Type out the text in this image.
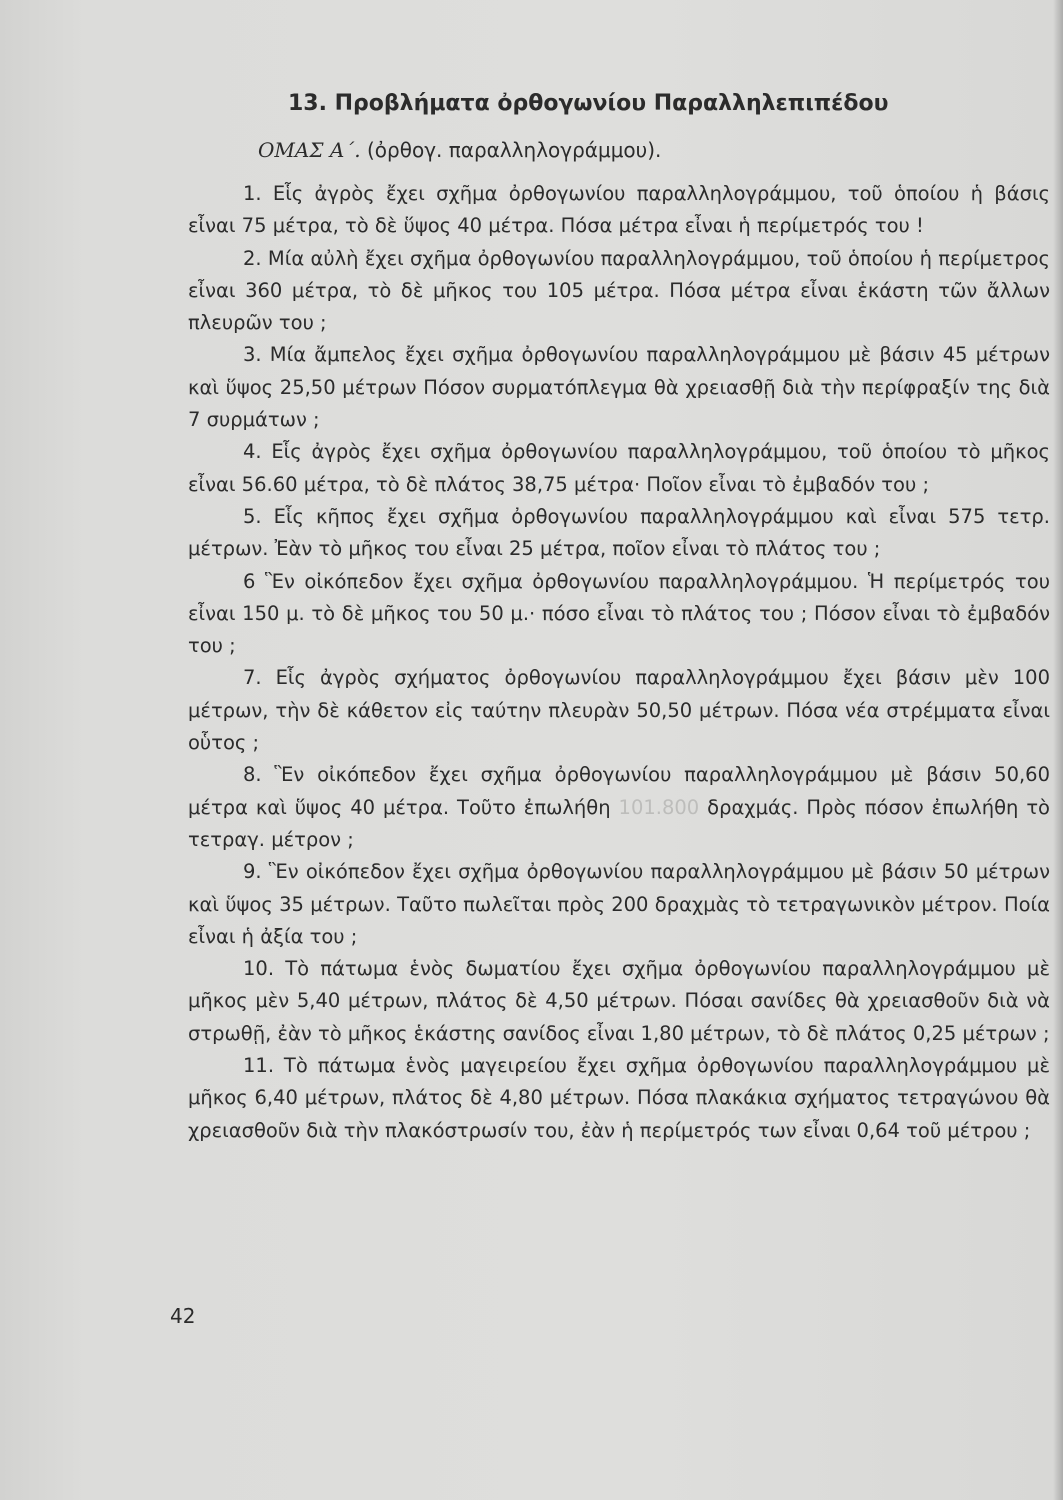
13. Προβλήματα ὀρθογωνίου Παραλληλεπιπέδου
ΟΜΑΣ Α΄. (ὀρθογ. παραλληλογράμμου).

1. Εἷς ἀγρὸς ἔχει σχῆμα ὀρθογωνίου παραλληλογράμμου, τοῦ ὁποίου ἡ βάσις εἶναι 75 μέτρα, τὸ δὲ ὕψος 40 μέτρα. Πόσα μέτρα εἶναι ἡ περίμετρός του !

2. Μία αὐλὴ ἔχει σχῆμα ὀρθογωνίου παραλληλογράμμου, τοῦ ὁποίου ἡ περίμετρος εἶναι 360 μέτρα, τὸ δὲ μῆκος του 105 μέτρα. Πόσα μέτρα εἶναι ἑκάστη τῶν ἄλλων πλευρῶν του ;

3. Μία ἄμπελος ἔχει σχῆμα ὀρθογωνίου παραλληλογράμμου μὲ βάσιν 45 μέτρων καὶ ὕψος 25,50 μέτρων Πόσον συρματόπλεγμα θὰ χρειασθῇ διὰ τὴν περίφραξίν της διὰ 7 συρμάτων ;

4. Εἷς ἀγρὸς ἔχει σχῆμα ὀρθογωνίου παραλληλογράμμου, τοῦ ὁποίου τὸ μῆκος εἶναι 56.60 μέτρα, τὸ δὲ πλάτος 38,75 μέτρα· Ποῖον εἶναι τὸ ἐμβαδόν του ;

5. Εἷς κῆπος ἔχει σχῆμα ὀρθογωνίου παραλληλογράμμου καὶ εἶναι 575 τετρ. μέτρων. Ἐὰν τὸ μῆκος του εἶναι 25 μέτρα, ποῖον εἶναι τὸ πλάτος του ;

6 Ἓν οἰκόπεδον ἔχει σχῆμα ὀρθογωνίου παραλληλογράμμου. Ἡ περίμετρός του εἶναι 150 μ. τὸ δὲ μῆκος του 50 μ.· πόσο εἶναι τὸ πλάτος του ; Πόσον εἶναι τὸ ἐμβαδόν του ;

7. Εἷς ἀγρὸς σχήματος ὀρθογωνίου παραλληλογράμμου ἔχει βάσιν μὲν 100 μέτρων, τὴν δὲ κάθετον εἰς ταύτην πλευρὰν 50,50 μέτρων. Πόσα νέα στρέμματα εἶναι οὗτος ;

8. Ἓν οἰκόπεδον ἔχει σχῆμα ὀρθογωνίου παραλληλογράμμου μὲ βάσιν 50,60 μέτρα καὶ ὕψος 40 μέτρα. Τοῦτο ἐπωλήθη 101.800 δραχμάς. Πρὸς πόσον ἐπωλήθη τὸ τετραγ. μέτρον ;

9. Ἓν οἰκόπεδον ἔχει σχῆμα ὀρθογωνίου παραλληλογράμμου μὲ βάσιν 50 μέτρων καὶ ὕψος 35 μέτρων. Ταῦτο πωλεῖται πρὸς 200 δραχμὰς τὸ τετραγωνικὸν μέτρον. Ποία εἶναι ἡ ἀξία του ;

10. Τὸ πάτωμα ἑνὸς δωματίου ἔχει σχῆμα ὀρθογωνίου παραλληλογράμμου μὲ μῆκος μὲν 5,40 μέτρων, πλάτος δὲ 4,50 μέτρων. Πόσαι σανίδες θὰ χρειασθοῦν διὰ νὰ στρωθῇ, ἐὰν τὸ μῆκος ἑκάστης σανίδος εἶναι 1,80 μέτρων, τὸ δὲ πλάτος 0,25 μέτρων ;

11. Τὸ πάτωμα ἑνὸς μαγειρείου ἔχει σχῆμα ὀρθογωνίου παραλληλογράμμου μὲ μῆκος 6,40 μέτρων, πλάτος δὲ 4,80 μέτρων. Πόσα πλακάκια σχήματος τετραγώνου θὰ χρειασθοῦν διὰ τὴν πλακόστρωσίν του, ἐὰν ἡ περίμετρός των εἶναι 0,64 τοῦ μέτρου ;

42
